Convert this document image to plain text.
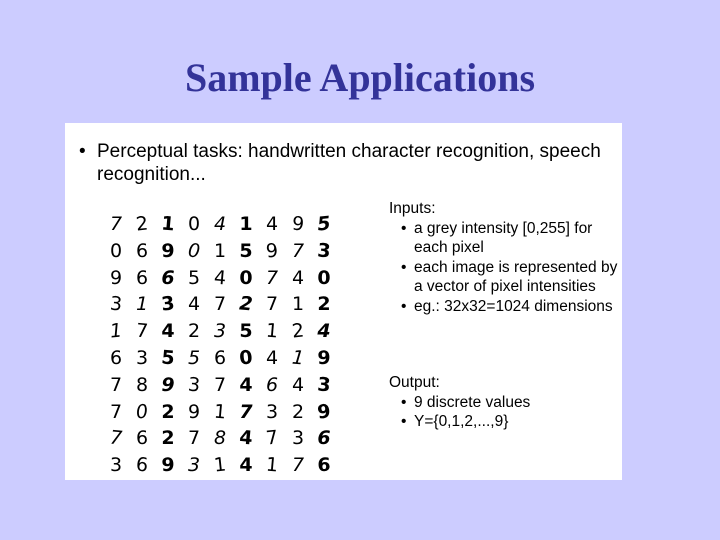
Sample Applications

• Perceptual tasks: handwritten character recognition, speech recognition...

7 2 1 0 4 1 4 9 5
0 6 9 0 1 5 9 7 3
9 6 6 5 4 0 7 4 0
3 1 3 4 7 2 7 1 2
1 7 4 2 3 5 1 2 4
6 3 5 5 6 0 4 1 9
7 8 9 3 7 4 6 4 3
7 0 2 9 1 7 3 2 9
7 6 2 7 8 4 7 3 6
3 6 9 3 1 4 1 7 6
Inputs:
• a grey intensity [0,255] for each pixel
• each image is represented by a vector of pixel intensities
• eg.: 32x32=1024 dimensions
Output:
• 9 discrete values
• Y={0,1,2,...,9}
